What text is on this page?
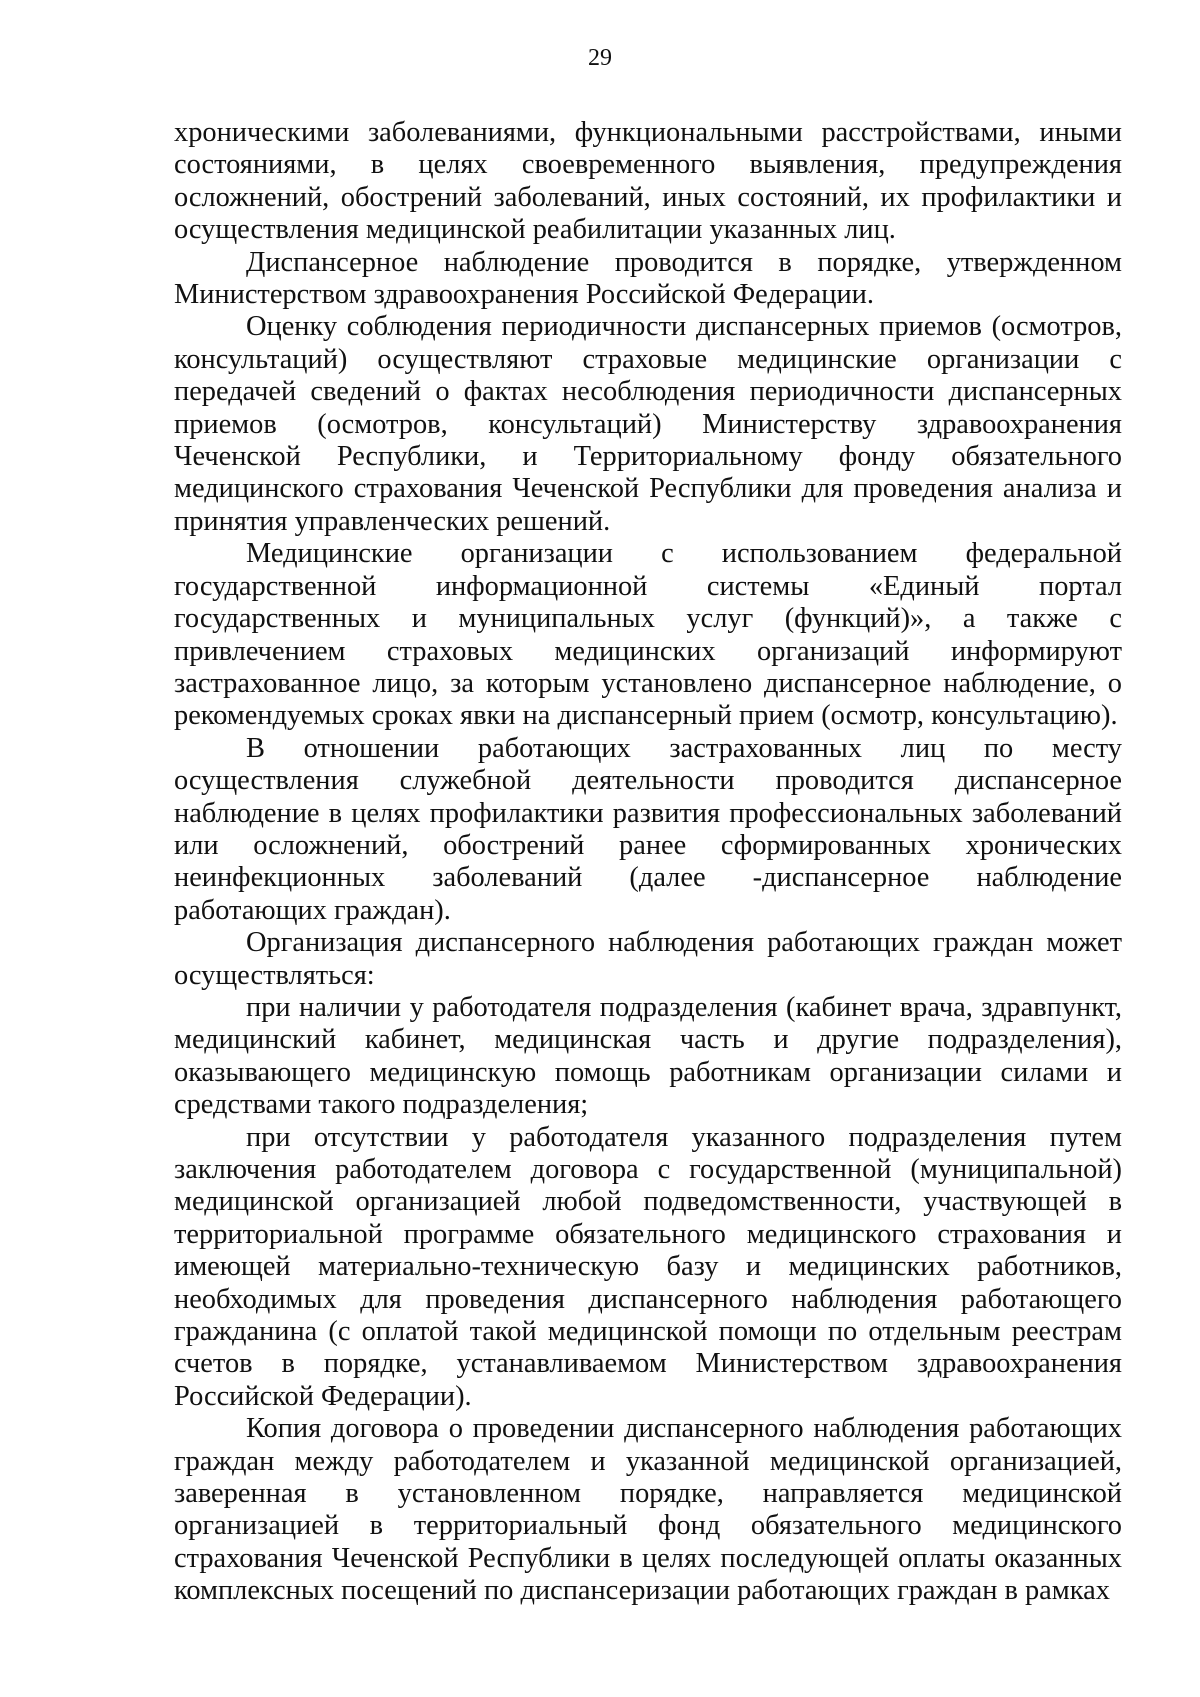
29

хроническими заболеваниями, функциональными расстройствами, иными состояниями, в целях своевременного выявления, предупреждения осложнений, обострений заболеваний, иных состояний, их профилактики и осуществления медицинской реабилитации указанных лиц.

Диспансерное наблюдение проводится в порядке, утвержденном Министерством здравоохранения Российской Федерации.

Оценку соблюдения периодичности диспансерных приемов (осмотров, консультаций) осуществляют страховые медицинские организации с передачей сведений о фактах несоблюдения периодичности диспансерных приемов (осмотров, консультаций) Министерству здравоохранения Чеченской Республики, и Территориальному фонду обязательного медицинского страхования Чеченской Республики для проведения анализа и принятия управленческих решений.

Медицинские организации с использованием федеральной государственной информационной системы «Единый портал государственных и муниципальных услуг (функций)», а также с привлечением страховых медицинских организаций информируют застрахованное лицо, за которым установлено диспансерное наблюдение, о рекомендуемых сроках явки на диспансерный прием (осмотр, консультацию).

В отношении работающих застрахованных лиц по месту осуществления служебной деятельности проводится диспансерное наблюдение в целях профилактики развития профессиональных заболеваний или осложнений, обострений ранее сформированных хронических неинфекционных заболеваний (далее -диспансерное наблюдение работающих граждан).

Организация диспансерного наблюдения работающих граждан может осуществляться:

при наличии у работодателя подразделения (кабинет врача, здравпункт, медицинский кабинет, медицинская часть и другие подразделения), оказывающего медицинскую помощь работникам организации силами и средствами такого подразделения;

при отсутствии у работодателя указанного подразделения путем заключения работодателем договора с государственной (муниципальной) медицинской организацией любой подведомственности, участвующей в территориальной программе обязательного медицинского страхования и имеющей материально-техническую базу и медицинских работников, необходимых для проведения диспансерного наблюдения работающего гражданина (с оплатой такой медицинской помощи по отдельным реестрам счетов в порядке, устанавливаемом Министерством здравоохранения Российской Федерации).

Копия договора о проведении диспансерного наблюдения работающих граждан между работодателем и указанной медицинской организацией, заверенная в установленном порядке, направляется медицинской организацией в территориальный фонд обязательного медицинского страхования Чеченской Республики в целях последующей оплаты оказанных комплексных посещений по диспансеризации работающих граждан в рамках
